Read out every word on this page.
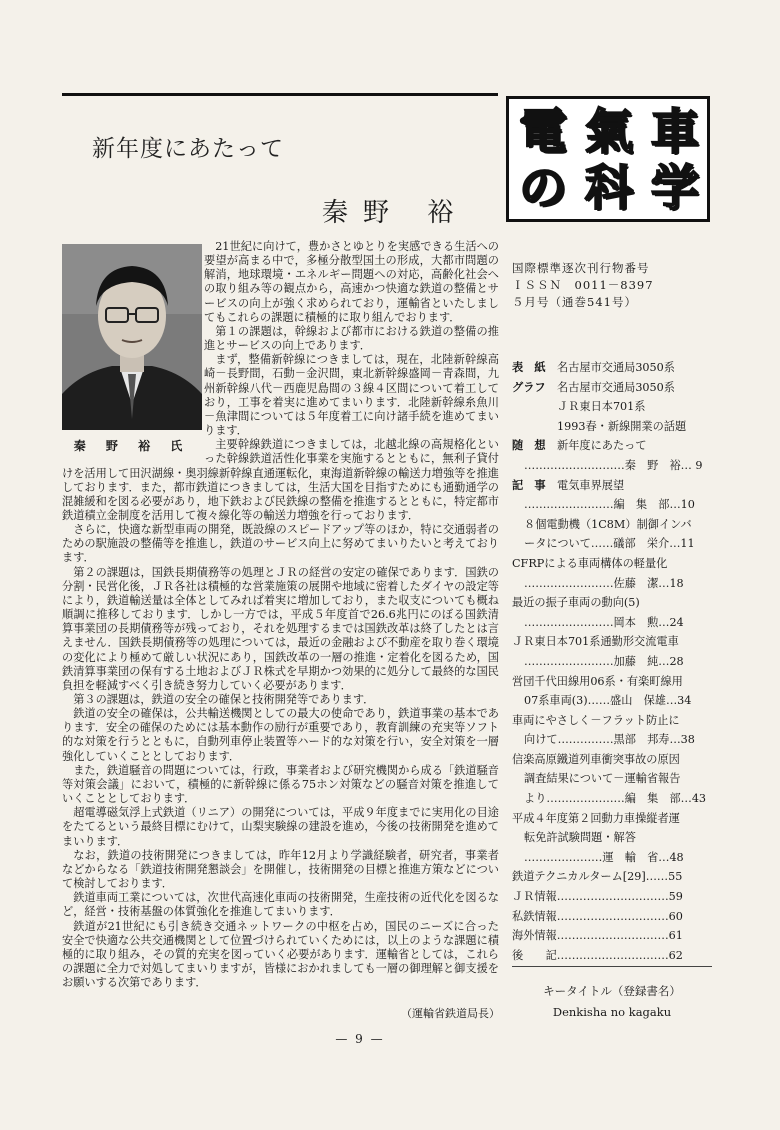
新年度にあたって
秦野 裕
秦 野 裕 氏

21世紀に向けて，豊かさとゆとりを実感できる生活への要望が高まる中で，多極分散型国土の形成，大都市問題の解消，地球環境・エネルギー問題への対応，高齢化社会への取り組み等の観点から，高速かつ快適な鉄道の整備とサービスの向上が強く求められており，運輸省といたしましてもこれらの課題に積極的に取り組んでおります．

第１の課題は，幹線および都市における鉄道の整備の推進とサービスの向上であります．

まず，整備新幹線につきましては，現在，北陸新幹線高崎－長野間，石動－金沢間，東北新幹線盛岡－青森間，九州新幹線八代－西鹿児島間の３線４区間について着工しており，工事を着実に進めてまいります．北陸新幹線糸魚川－魚津間については５年度着工に向け諸手続を進めてまいります．

主要幹線鉄道につきましては，北越北線の高規格化といった幹線鉄道活性化事業を実施するとともに，無利子貸付けを活用して田沢湖線・奥羽線新幹線直通運転化，東海道新幹線の輸送力増強等を推進しております．また，都市鉄道につきましては，生活大国を目指すためにも通勤通学の混雑緩和を図る必要があり，地下鉄および民鉄線の整備を推進するとともに，特定都市鉄道積立金制度を活用して複々線化等の輸送力増強を行っております．

さらに，快適な新型車両の開発，既設線のスピードアップ等のほか，特に交通弱者のための駅施設の整備等を推進し，鉄道のサービス向上に努めてまいりたいと考えております．

第２の課題は，国鉄長期債務等の処理とＪＲの経営の安定の確保であります．国鉄の分割・民営化後，ＪＲ各社は積極的な営業施策の展開や地域に密着したダイヤの設定等により，鉄道輸送量は全体としてみれば着実に増加しており，また収支についても概ね順調に推移しております．しかし一方では，平成５年度首で26.6兆円にのぼる国鉄清算事業団の長期債務等が残っており，それを処理するまでは国鉄改革は終了したとは言えません．国鉄長期債務等の処理については，最近の金融および不動産を取り巻く環境の変化により極めて厳しい状況にあり，国鉄改革の一層の推進・定着化を図るため，国鉄清算事業団の保有する土地およびＪＲ株式を早期かつ効果的に処分して最終的な国民負担を軽減すべく引き続き努力していく必要があります．

第３の課題は，鉄道の安全の確保と技術開発等であります．

鉄道の安全の確保は，公共輸送機関としての最大の使命であり，鉄道事業の基本であります．安全の確保のためには基本動作の励行が重要であり，教育訓練の充実等ソフト的な対策を行うとともに，自動列車停止装置等ハード的な対策を行い，安全対策を一層強化していくこととしております．

また，鉄道騒音の問題については，行政，事業者および研究機関から成る「鉄道騒音等対策会議」において，積極的に新幹線に係る75ホン対策などの騒音対策を推進していくこととしております．

超電導磁気浮上式鉄道（リニア）の開発については，平成９年度までに実用化の目途をたてるという最終目標にむけて，山梨実験線の建設を進め，今後の技術開発を進めてまいります．

なお，鉄道の技術開発につきましては，昨年12月より学識経験者，研究者，事業者などからなる「鉄道技術開発懇談会」を開催し，技術開発の目標と推進方策などについて検討しております．

鉄道車両工業については，次世代高速化車両の技術開発，生産技術の近代化を図るなど，経営・技術基盤の体質強化を推進してまいります．

鉄道が21世紀にも引き続き交通ネットワークの中枢を占め，国民のニーズに合った安全で快適な公共交通機関として位置づけられていくためには，以上のような課題に積極的に取り組み，その質的充実を図っていく必要があります．運輸省としては，これらの課題に全力で対処してまいりますが，皆様におかれましても一層の御理解と御支援をお願いする次第であります．

（運輸省鉄道局長）
— 9 —
電 氣 車
の 科 学
国際標準逐次刊行物番号
ＩＳＳＮ　0011－8397
５月号（通巻541号）
表　紙 名古屋市交通局3050系
グラフ 名古屋市交通局3050系
ＪＲ東日本701系
1993春・新線開業の話題
随　想 新年度にあたって
………………………秦　野　裕… 9
記　事 電気車界展望
……………………編　集　部…10
８個電動機（1C8M）制御インバ
ータについて……礒部　栄介…11
CFRPによる車両構体の軽量化
……………………佐藤　潔…18
最近の振子車両の動向(5)
……………………岡本　勲…24
ＪＲ東日本701系通勤形交流電車
……………………加藤　純…28
営団千代田線用06系・有楽町線用
07系車両(3)……盛山　保雄…34
車両にやさしく－フラット防止に
向けて……………黒部　邦寿…38
信楽高原鐵道列車衝突事故の原因
調査結果について－運輸省報告
より…………………編　集　部…43
平成４年度第２回動力車操縦者運
転免許試験問題・解答
…………………運　輸　省…48
鉄道テクニカルターム[29]……55
ＪＲ情報…………………………59
私鉄情報…………………………60
海外情報…………………………61
後　　記…………………………62
キータイトル（登録書名）
Denkisha no kagaku
